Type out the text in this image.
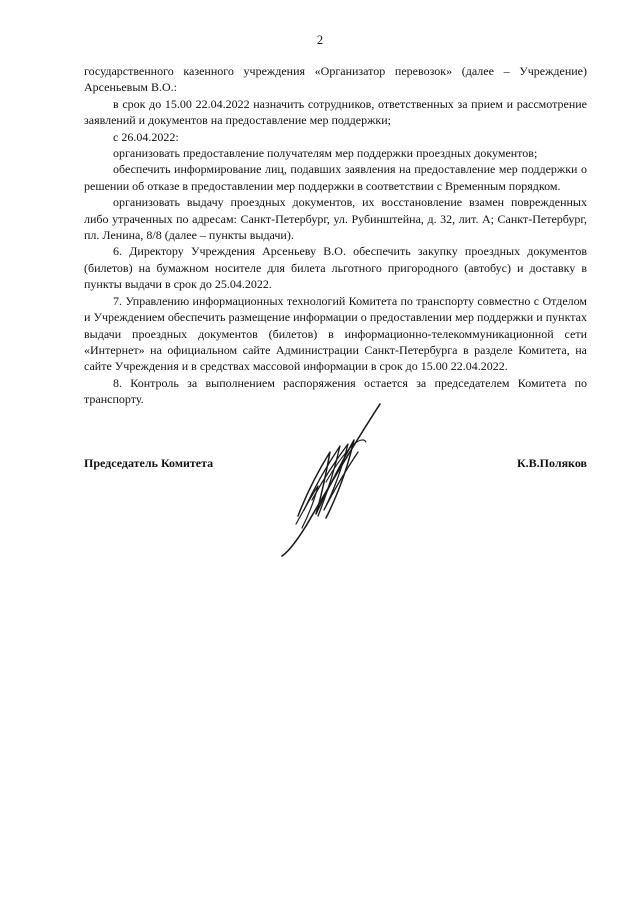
2

государственного казенного учреждения «Организатор перевозок» (далее – Учреждение) Арсеньевым В.О.:

в срок до 15.00 22.04.2022 назначить сотрудников, ответственных за прием и рассмотрение заявлений и документов на предоставление мер поддержки;

с 26.04.2022:

организовать предоставление получателям мер поддержки проездных документов;

обеспечить информирование лиц, подавших заявления на предоставление мер поддержки о решении об отказе в предоставлении мер поддержки в соответствии с Временным порядком.

организовать выдачу проездных документов, их восстановление взамен поврежденных либо утраченных по адресам: Санкт-Петербург, ул. Рубинштейна, д. 32, лит. А; Санкт-Петербург, пл. Ленина, 8/8 (далее – пункты выдачи).

6. Директору Учреждения Арсеньеву В.О. обеспечить закупку проездных документов (билетов) на бумажном носителе для билета льготного пригородного (автобус) и доставку в пункты выдачи в срок до 25.04.2022.

7. Управлению информационных технологий Комитета по транспорту совместно с Отделом и Учреждением обеспечить размещение информации о предоставлении мер поддержки и пунктах выдачи проездных документов (билетов) в информационно-телекоммуникационной сети «Интернет» на официальном сайте Администрации Санкт-Петербурга в разделе Комитета, на сайте Учреждения и в средствах массовой информации в срок до 15.00 22.04.2022.

8. Контроль за выполнением распоряжения остается за председателем Комитета по транспорту.

Председатель Комитета	К.В.Поляков
